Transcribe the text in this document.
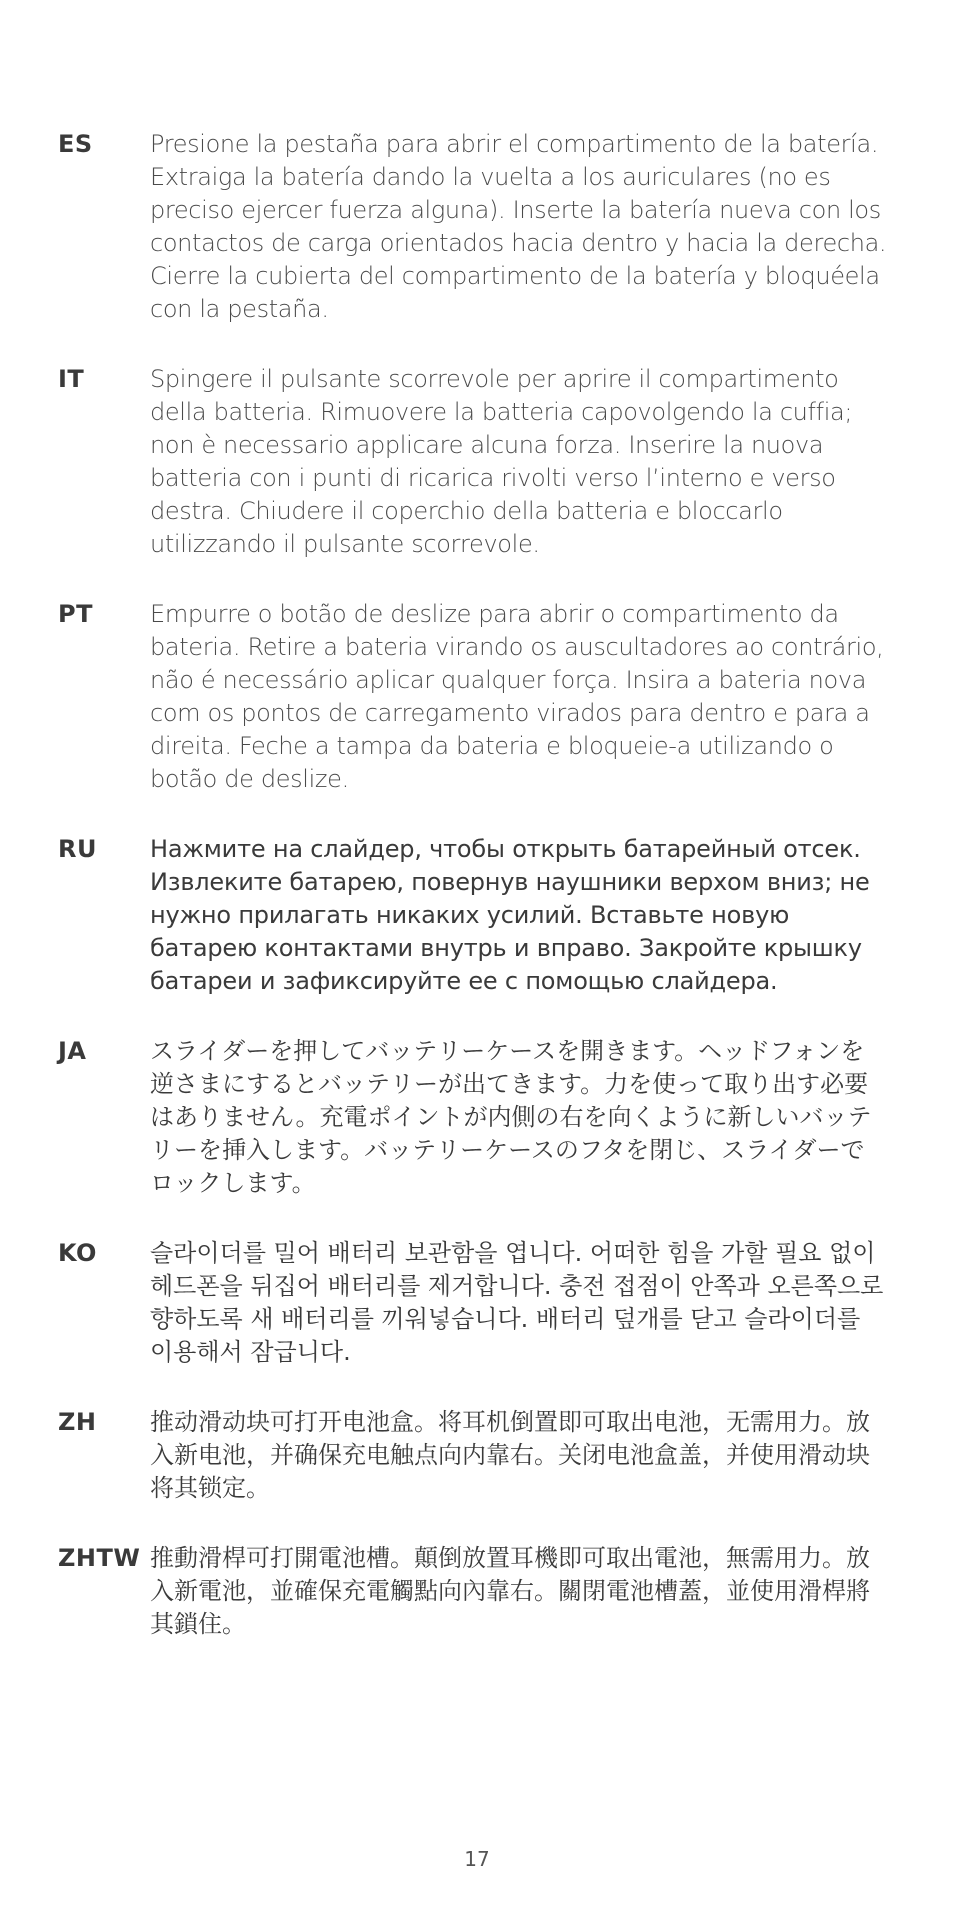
ES	Presione la pestaña para abrir el compartimento de la batería. Extraiga la batería dando la vuelta a los auriculares (no es preciso ejercer fuerza alguna). Inserte la batería nueva con los contactos de carga orientados hacia dentro y hacia la derecha. Cierre la cubierta del compartimento de la batería y bloquéela con la pestaña.
IT	Spingere il pulsante scorrevole per aprire il compartimento della batteria. Rimuovere la batteria capovolgendo la cuffia; non è necessario applicare alcuna forza. Inserire la nuova batteria con i punti di ricarica rivolti verso l’interno e verso destra. Chiudere il coperchio della batteria e bloccarlo utilizzando il pulsante scorrevole.
PT	Empurre o botão de deslize para abrir o compartimento da bateria. Retire a bateria virando os auscultadores ao contrário, não é necessário aplicar qualquer força. Insira a bateria nova com os pontos de carregamento virados para dentro e para a direita. Feche a tampa da bateria e bloqueie-a utilizando o botão de deslize.
RU	Нажмите на слайдер, чтобы открыть батарейный отсек. Извлеките батарею, повернув наушники верхом вниз; не нужно прилагать никаких усилий. Вставьте новую батарею контактами внутрь и вправо. Закройте крышку батареи и зафиксируйте ее с помощью слайдера.
JA	スライダーを押してバッテリーケースを開きます。ヘッドフォンを逆さまにするとバッテリーが出てきます。力を使って取り出す必要はありません。充電ポイントが内側の右を向くように新しいバッテリーを挿入します。バッテリーケースのフタを閉じ、スライダーでロックします。
KO	슬라이더를 밀어 배터리 보관함을 엽니다. 어떠한 힘을 가할 필요 없이 헤드폰을 뒤집어 배터리를 제거합니다. 충전 접점이 안쪽과 오른쪽으로 향하도록 새 배터리를 끼워넣습니다. 배터리 덮개를 닫고 슬라이더를 이용해서 잠급니다.
ZH	推动滑动块可打开电池盒。将耳机倒置即可取出电池，无需用力。放入新电池，并确保充电触点向内靠右。关闭电池盒盖，并使用滑动块将其锁定。
ZHTW 推動滑桿可打開電池槽。顛倒放置耳機即可取出電池，無需用力。放入新電池，並確保充電觸點向內靠右。關閉電池槽蓋，並使用滑桿將其鎖住。
17
